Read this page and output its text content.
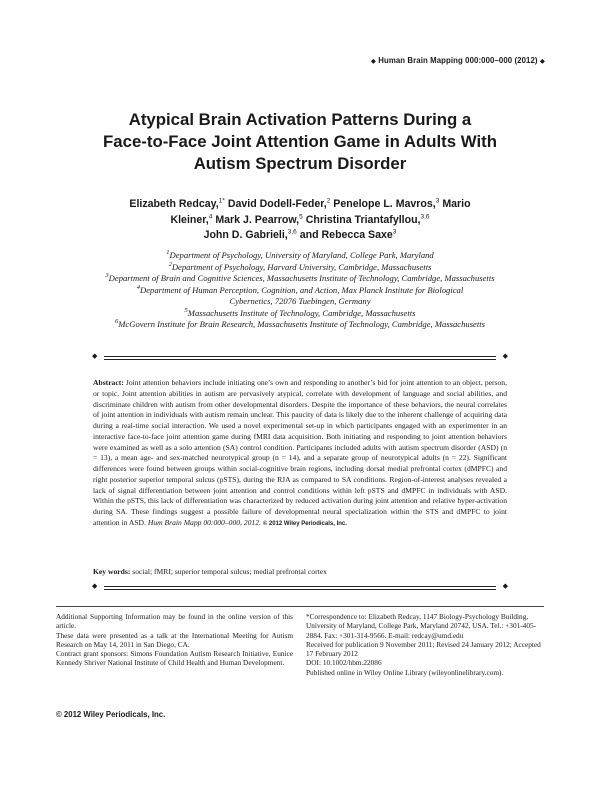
◆ Human Brain Mapping 000:000–000 (2012) ◆
Atypical Brain Activation Patterns During a
Face-to-Face Joint Attention Game in Adults With
Autism Spectrum Disorder
Elizabeth Redcay,$^{1*}$ David Dodell-Feder,$^2$ Penelope L. Mavros,$^3$ Mario
Kleiner,$^4$ Mark J. Pearrow,$^5$ Christina Triantafyllou,$^{3,6}$
John D. Gabrieli,$^{3,6}$ and Rebecca Saxe$^3$
$^1$Department of Psychology, University of Maryland, College Park, Maryland
$^2$Department of Psychology, Harvard University, Cambridge, Massachusetts
$^3$Department of Brain and Cognitive Sciences, Massachusetts Institute of Technology, Cambridge, Massachusetts
$^4$Department of Human Perception, Cognition, and Action, Max Planck Institute for Biological
Cybernetics, 72076 Tuebingen, Germany
$^5$Massachusetts Institute of Technology, Cambridge, Massachusetts
$^6$McGovern Institute for Brain Research, Massachusetts Institute of Technology, Cambridge, Massachusetts
◆	◆
Abstract: Joint attention behaviors include initiating one’s own and responding to another’s bid for joint attention to an object, person, or topic. Joint attention abilities in autism are pervasively atypical, correlate with development of language and social abilities, and discriminate children with autism from other developmental disorders. Despite the importance of these behaviors, the neural correlates of joint attention in individuals with autism remain unclear. This paucity of data is likely due to the inherent challenge of acquiring data during a real-time social interaction. We used a novel experimental set-up in which participants engaged with an experimenter in an interactive face-to-face joint attention game during fMRI data acquisition. Both initiating and responding to joint attention behaviors were examined as well as a solo attention (SA) control condition. Participants included adults with autism spectrum disorder (ASD) (n = 13), a mean age- and sex-matched neurotypical group (n = 14), and a separate group of neurotypical adults (n = 22). Significant differences were found between groups within social-cognitive brain regions, including dorsal medial prefrontal cortex (dMPFC) and right posterior superior temporal sulcus (pSTS), during the RJA as compared to SA conditions. Region-of-interest analyses revealed a lack of signal differentiation between joint attention and control conditions within left pSTS and dMPFC in individuals with ASD. Within the pSTS, this lack of differentiation was characterized by reduced activation during joint attention and relative hyper-activation during SA. These findings suggest a possible failure of developmental neural specialization within the STS and dMPFC to joint attention in ASD. Hum Brain Mapp 00:000–000, 2012. © 2012 Wiley Periodicals, Inc.
Key words: social; fMRI; superior temporal sulcus; medial prefrontal cortex
◆	◆

Additional Supporting Information may be found in the online version of this article.

These data were presented as a talk at the International Meeting for Autism Research on May 14, 2011 in San Diego, CA.

Contract grant sponsors: Simons Foundation Autism Research Initiative, Eunice Kennedy Shriver National Institute of Child Health and Human Development.

*Correspondence to: Elizabeth Redcay, 1147 Biology-Psychology Building, University of Maryland, College Park, Maryland 20742, USA. Tel.: +301-405-2884. Fax: +301-314-9566. E-mail: redcay@umd.edu

Received for publication 9 November 2011; Revised 24 January 2012; Accepted 17 February 2012

DOI: 10.1002/hbm.22086

Published online in Wiley Online Library (wileyonlinelibrary.com).

© 2012 Wiley Periodicals, Inc.
